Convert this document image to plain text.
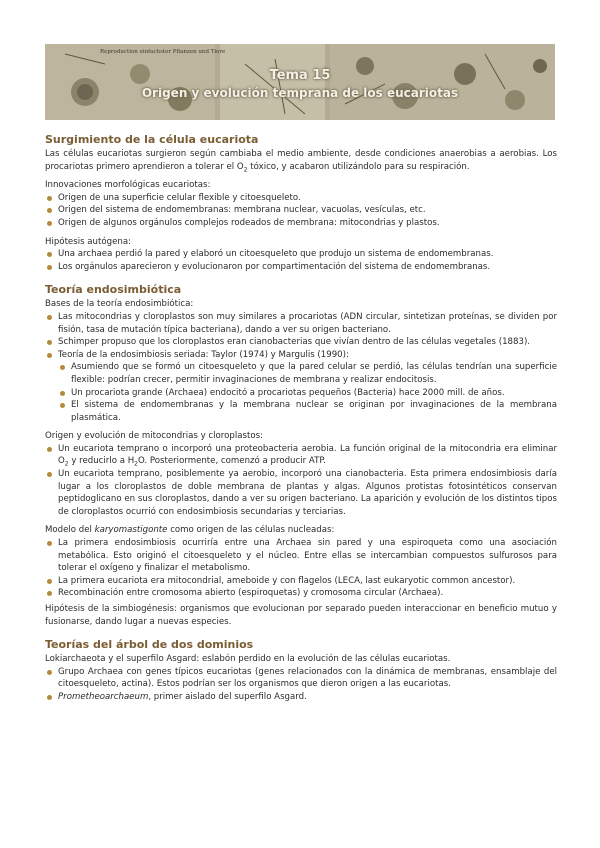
Reproduction einfachster Pflanzen und Tiere
Tema 15
Origen y evolución temprana de los eucariotas
Surgimiento de la célula eucariota

Las células eucariotas surgieron según cambiaba el medio ambiente, desde condiciones anaerobias a aerobias. Los procariotas primero aprendieron a tolerar el $O_2$ tóxico, y acabaron utilizándolo para su respiración.

Innovaciones morfológicas eucariotas:

Origen de una superficie celular flexible y citoesqueleto.
Origen del sistema de endomembranas: membrana nuclear, vacuolas, vesículas, etc.
Origen de algunos orgánulos complejos rodeados de membrana: mitocondrias y plastos.

Hipótesis autógena:

Una archaea perdió la pared y elaboró un citoesqueleto que produjo un sistema de endomembranas.
Los orgánulos aparecieron y evolucionaron por compartimentación del sistema de endomembranas.
Teoría endosimbiótica

Bases de la teoría endosimbiótica:

Las mitocondrias y cloroplastos son muy similares a procariotas (ADN circular, sintetizan proteínas, se dividen por fisión, tasa de mutación típica bacteriana), dando a ver su origen bacteriano.
Schimper propuso que los cloroplastos eran cianobacterias que vivían dentro de las células vegetales (1883).
Teoría de la endosimbiosis seriada: Taylor (1974) y Margulis (1990):
Asumiendo que se formó un citoesqueleto y que la pared celular se perdió, las células tendrían una superficie flexible: podrían crecer, permitir invaginaciones de membrana y realizar endocitosis.
Un procariota grande (Archaea) endocitó a procariotas pequeños (Bacteria) hace 2000 mill. de años.
El sistema de endomembranas y la membrana nuclear se originan por invaginaciones de la membrana plasmática.

Origen y evolución de mitocondrias y cloroplastos:

Un eucariota temprano o incorporó una proteobacteria aerobia. La función original de la mitocondria era eliminar $O_2$ y reducirlo a $H_2O$. Posteriormente, comenzó a producir ATP.
Un eucariota temprano, posiblemente ya aerobio, incorporó una cianobacteria. Esta primera endosimbiosis daría lugar a los cloroplastos de doble membrana de plantas y algas. Algunos protistas fotosintéticos conservan peptidoglicano en sus cloroplastos, dando a ver su origen bacteriano. La aparición y evolución de los distintos tipos de cloroplastos ocurrió con endosimbiosis secundarias y terciarias.

Modelo del karyomastigonte como origen de las células nucleadas:

La primera endosimbiosis ocurriría entre una Archaea sin pared y una espiroqueta como una asociación metabólica. Esto originó el citoesqueleto y el núcleo. Entre ellas se intercambian compuestos sulfurosos para tolerar el oxígeno y finalizar el metabolismo.
La primera eucariota era mitocondrial, ameboide y con flagelos (LECA, last eukaryotic common ancestor).
Recombinación entre cromosoma abierto (espiroquetas) y cromosoma circular (Archaea).

Hipótesis de la simbiogénesis: organismos que evolucionan por separado pueden interaccionar en beneficio mutuo y fusionarse, dando lugar a nuevas especies.

Teorías del árbol de dos dominios

Lokiarchaeota y el superfilo Asgard: eslabón perdido en la evolución de las células eucariotas.

Grupo Archaea con genes típicos eucariotas (genes relacionados con la dinámica de membranas, ensamblaje del citoesqueleto, actina). Estos podrían ser los organismos que dieron origen a las eucariotas.
Prometheoarchaeum, primer aislado del superfilo Asgard.
